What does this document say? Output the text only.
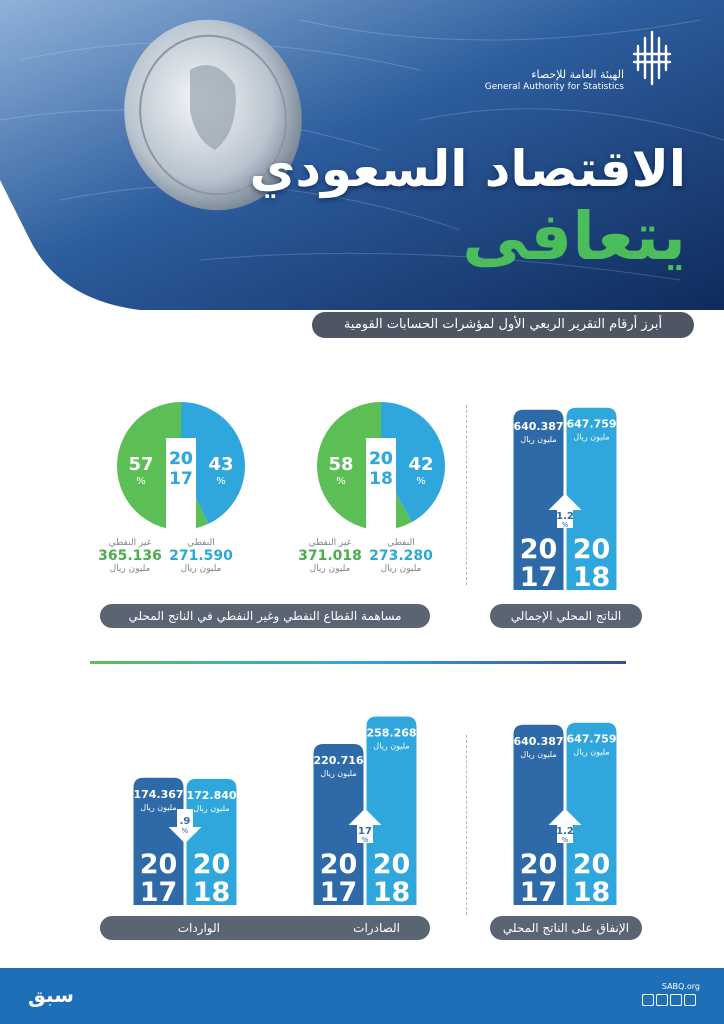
الهيئة العامة للإحصاء
General Authority for Statistics
الاقتصاد السعودي
يتعافى
أبرز أرقام التقرير الربعي الأول لمؤشرات الحسابات القومية
640.387
مليون ريال
20
17
647.759
مليون ريال
20
18
1.2
%
الناتج المحلي الإجمالي
20
18
42
%
58
%
النفطي
273.280
مليون ريال
غير النفطي
371.018
مليون ريال
20
17
43
%
57
%
النفطي
271.590
مليون ريال
غير النفطي
365.136
مليون ريال
مساهمة القطاع النفطي وغير النفطي في الناتج المحلي
640.387
مليون ريال
20
17
647.759
مليون ريال
20
18
1.2
%
الإنفاق على الناتج المحلي
220.716
مليون ريال
20
17
258.268
مليون ريال
20
18
17
%
174.367
مليون ريال
20
17
172.840
مليون ريال
20
18
.9
%
الصادرات
الواردات
سبق	SABQ.org
